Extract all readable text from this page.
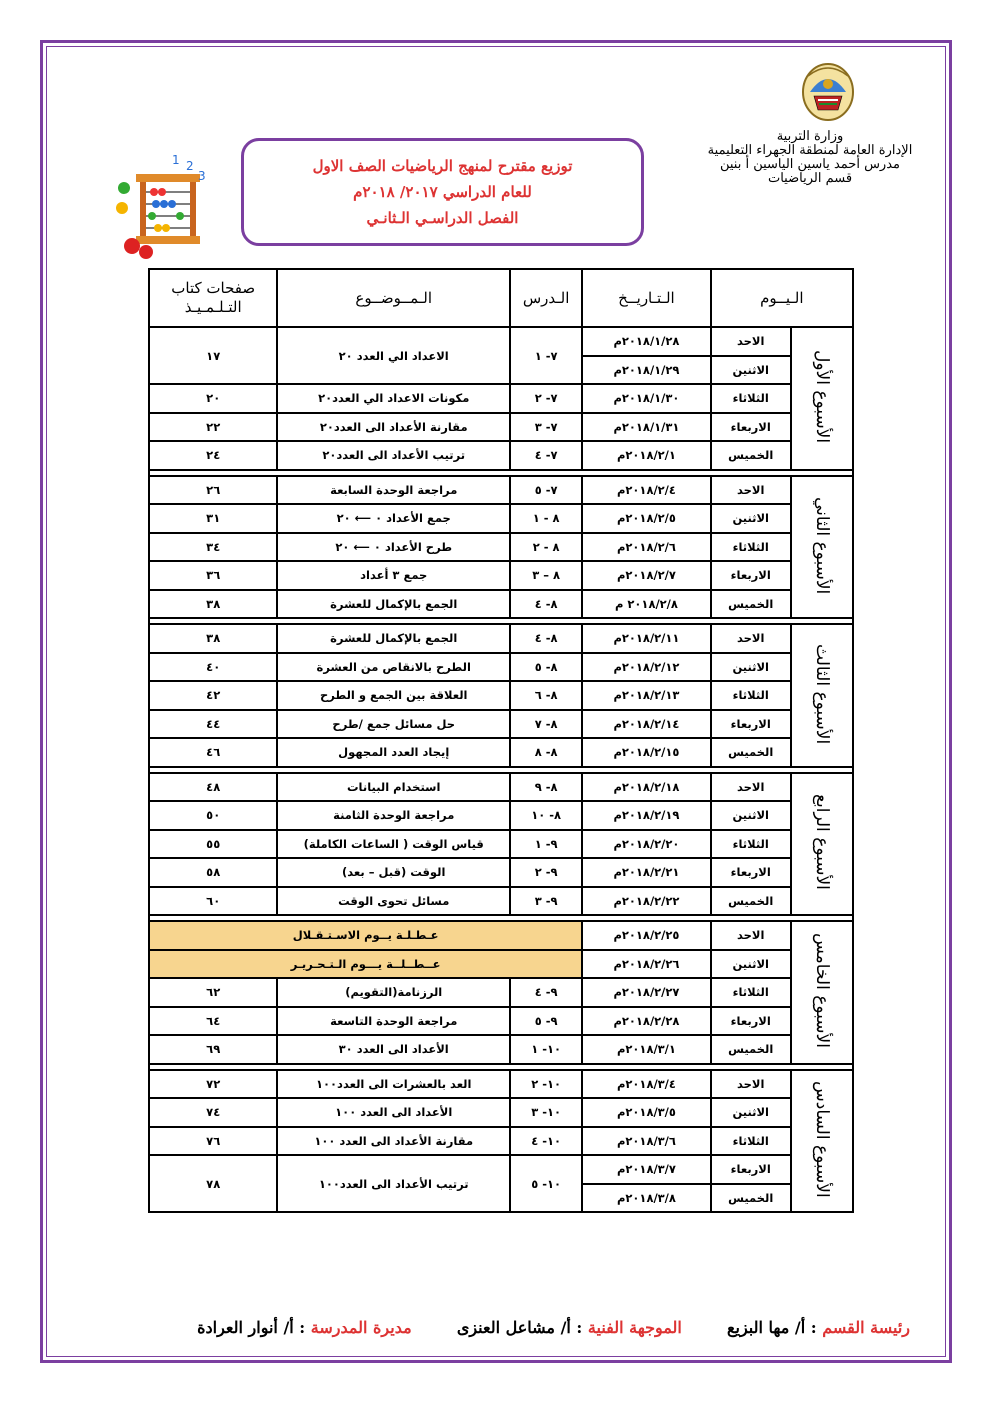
وزارة التربية
الإدارة العامة لمنطقة الجهراء التعليمية
مدرس أحمد ياسين الياسين أ بنين
قسم الرياضيات
توزيع مقترح لمنهج الرياضيات الصف الاول
للعام الدراسي ٢٠١٧/ ٢٠١٨م
الفصل الدراسـي الـثانـي
1 2
3
الـيــوم		الـتـاريــخ	الـدرس	الـمــوضــوع	صفحات كتاب التـلـمـيـذ
الأسبوع الأول	الاحد	٢٠١٨/١/٢٨م	٧- ١	الاعداد الي العدد ٢٠	١٧
	الاثنين	٢٠١٨/١/٢٩م			
	الثلاثاء	٢٠١٨/١/٣٠م	٧- ٢	مكونات الاعداد الي العدد٢٠	٢٠
	الاربعاء	٢٠١٨/١/٣١م	٧- ٣	مقارنة الأعداد الى العدد٢٠	٢٢
	الخميس	٢٠١٨/٢/١م	٧- ٤	ترتيب الأعداد الى العدد٢٠	٢٤

الأسبوع الثاني	الاحد	٢٠١٨/٢/٤م	٧- ٥	مراجعة الوحدة السابعة	٢٦
	الاثنين	٢٠١٨/٢/٥م	٨ - ١	جمع الأعداد ٠ ⟵ ٢٠	٣١
	الثلاثاء	٢٠١٨/٢/٦م	٨ - ٢	طرح الأعداد ٠ ⟵ ٢٠	٣٤
	الاربعاء	٢٠١٨/٢/٧م	٨ – ٣	جمع ٣ أعداد	٣٦
	الخميس	٢٠١٨/٢/٨ م	٨- ٤	الجمع بالإكمال للعشرة	٣٨

الأسبوع الثالث	الاحد	٢٠١٨/٢/١١م	٨- ٤	الجمع بالإكمال للعشرة	٣٨
	الاثنين	٢٠١٨/٢/١٢م	٨- ٥	الطرح بالانقاص من العشرة	٤٠
	الثلاثاء	٢٠١٨/٢/١٣م	٨- ٦	العلاقة بين الجمع و الطرح	٤٢
	الاربعاء	٢٠١٨/٢/١٤م	٨- ٧	حل مسائل جمع /طرح	٤٤
	الخميس	٢٠١٨/٢/١٥م	٨- ٨	إيجاد العدد المجهول	٤٦

الأسبوع الرابع	الاحد	٢٠١٨/٢/١٨م	٨- ٩	استخدام البيانات	٤٨
	الاثنين	٢٠١٨/٢/١٩م	٨- ١٠	مراجعة الوحدة الثامنة	٥٠
	الثلاثاء	٢٠١٨/٢/٢٠م	٩- ١	قياس الوقت ( الساعات الكاملة)	٥٥
	الاربعاء	٢٠١٨/٢/٢١م	٩- ٢	الوقت (قبل – بعد)	٥٨
	الخميس	٢٠١٨/٢/٢٢م	٩- ٣	مسائل تحوى الوقت	٦٠

الأسبوع الخامس	الاحد	٢٠١٨/٢/٢٥م	عـطـلـة يــوم الاسـتـقـلال		
	الاثنين	٢٠١٨/٢/٢٦م	عــطــلــة يـــوم الـتـحـريـر		
	الثلاثاء	٢٠١٨/٢/٢٧م	٩- ٤	الرزنامة(التقويم)	٦٢
	الاربعاء	٢٠١٨/٢/٢٨م	٩- ٥	مراجعة الوحدة التاسعة	٦٤
	الخميس	٢٠١٨/٣/١م	١٠- ١	الأعداد الى العدد ٣٠	٦٩

الأسبوع السادس	الاحد	٢٠١٨/٣/٤م	١٠- ٢	العد بالعشرات الى العدد١٠٠	٧٢
	الاثنين	٢٠١٨/٣/٥م	١٠- ٣	الأعداد الى العدد ١٠٠	٧٤
	الثلاثاء	٢٠١٨/٣/٦م	١٠- ٤	مقارنة الأعداد الى العدد ١٠٠	٧٦
	الاربعاء	٢٠١٨/٣/٧م	١٠- ٥	ترتيب الأعداد الى العدد١٠٠	٧٨
	الخميس	٢٠١٨/٣/٨م			
رئيسة القسم : أ/ مها البزيع  الموجهة الفنية : أ/ مشاعل العنزى  مديرة المدرسة : أ/ أنوار العرادة
